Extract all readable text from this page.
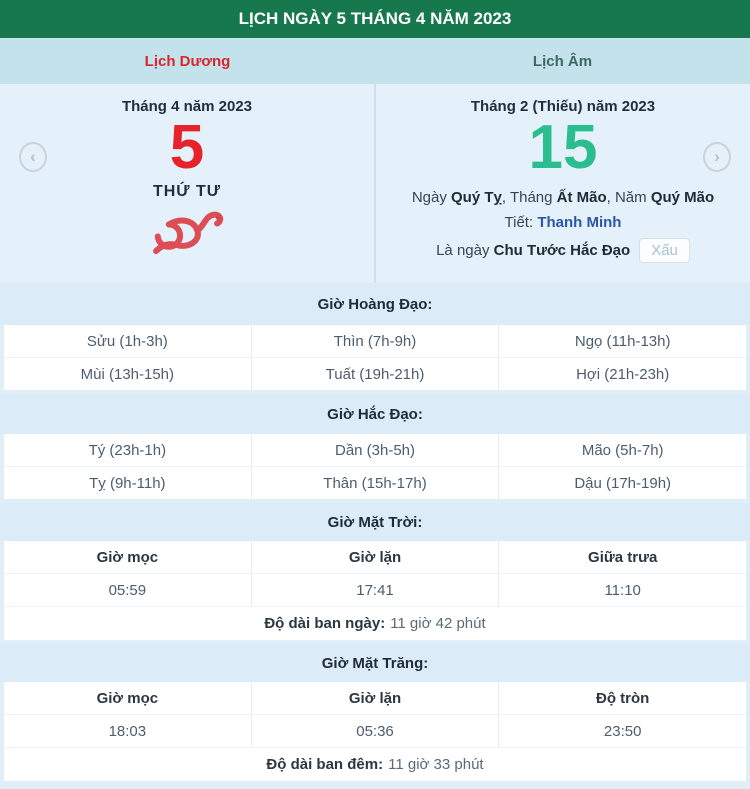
LỊCH NGÀY 5 THÁNG 4 NĂM 2023
Lịch Dương	Lịch Âm
Tháng 4 năm 2023
5
THỨ TƯ
Tháng 2 (Thiếu) năm 2023
15
Ngày Quý Tỵ, Tháng Ất Mão, Năm Quý Mão
Tiết: Thanh Minh
Là ngày Chu Tước Hắc Đạo	Xấu
‹	›
Giờ Hoàng Đạo:
Sửu (1h-3h)	Thìn (7h-9h)	Ngọ (11h-13h)
Mùi (13h-15h)	Tuất (19h-21h)	Hợi (21h-23h)
Giờ Hắc Đạo:
Tý (23h-1h)	Dần (3h-5h)	Mão (5h-7h)
Tỵ (9h-11h)	Thân (15h-17h)	Dậu (17h-19h)
Giờ Mặt Trời:
Giờ mọc	Giờ lặn	Giữa trưa
05:59	17:41	11:10
Độ dài ban ngày: 11 giờ 42 phút
Giờ Mặt Trăng:
Giờ mọc	Giờ lặn	Độ tròn
18:03	05:36	23:50
Độ dài ban đêm: 11 giờ 33 phút
